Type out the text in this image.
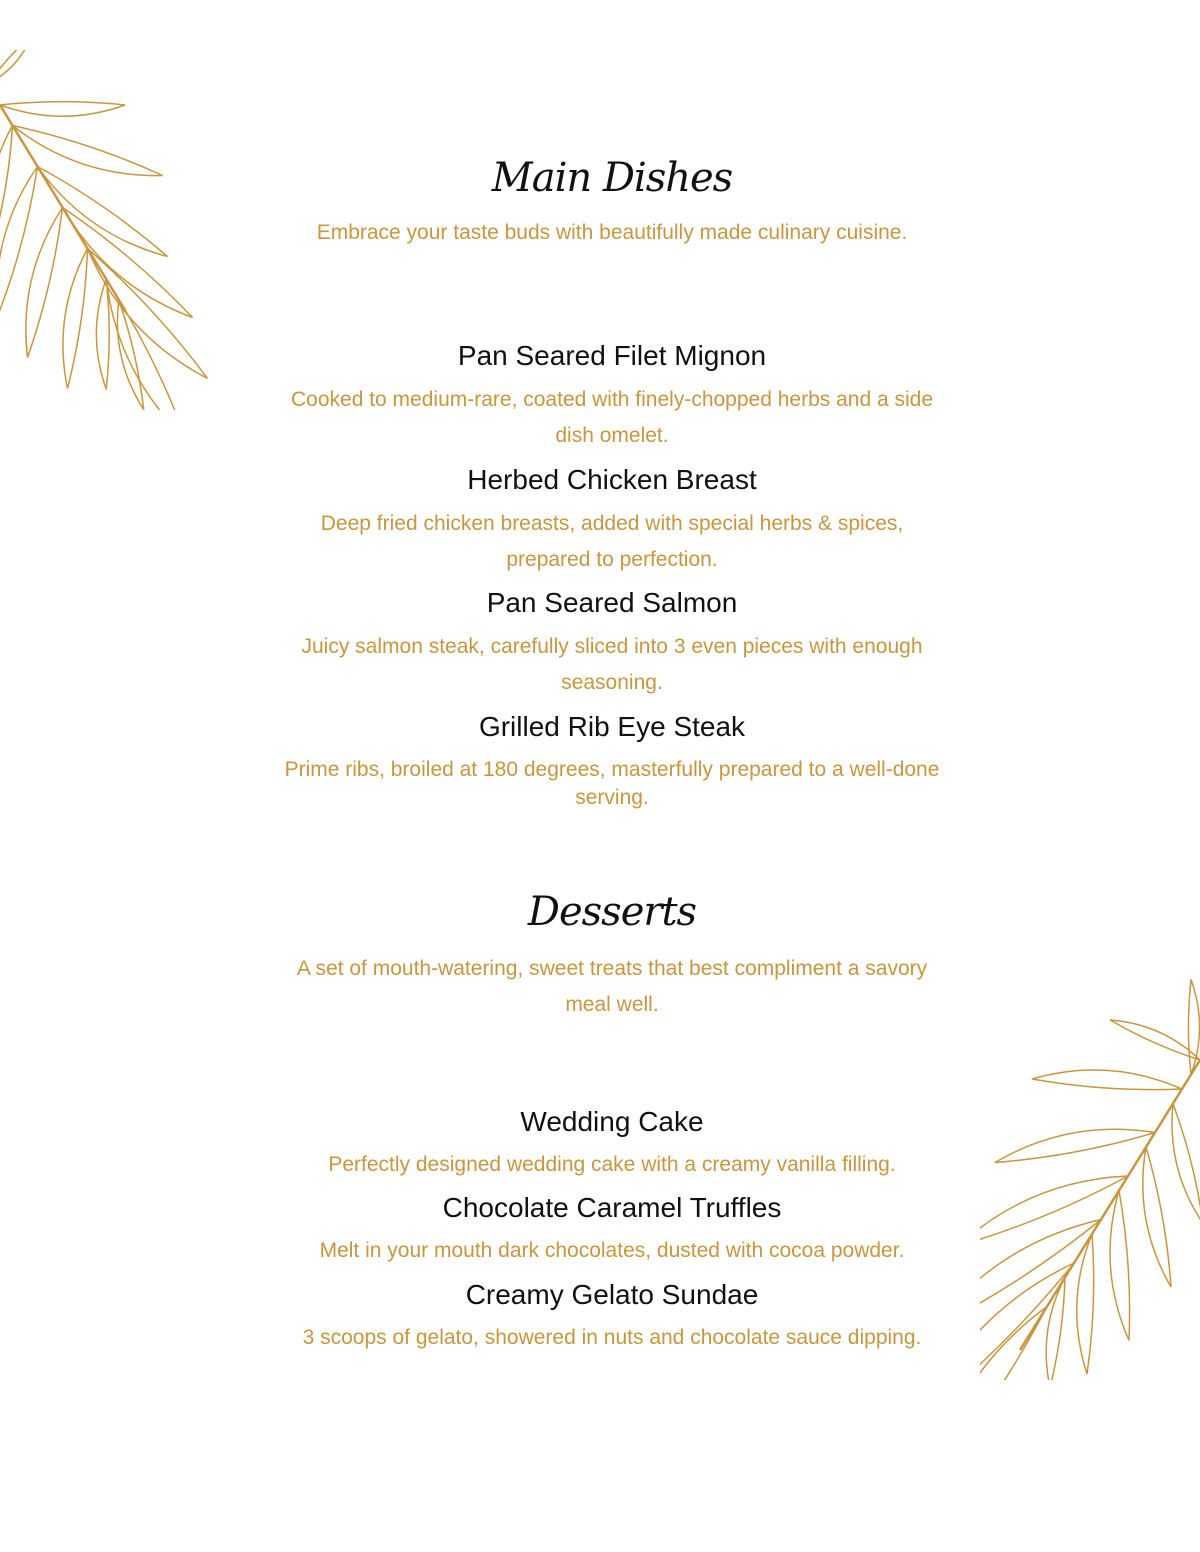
Main Dishes
Embrace your taste buds with beautifully made culinary cuisine.
Pan Seared Filet Mignon
Cooked to medium-rare, coated with finely-chopped herbs and a side dish omelet.
Herbed Chicken Breast
Deep fried chicken breasts, added with special herbs & spices, prepared to perfection.
Pan Seared Salmon
Juicy salmon steak, carefully sliced into 3 even pieces with enough seasoning.
Grilled Rib Eye Steak
Prime ribs, broiled at 180 degrees, masterfully prepared to a well-done serving.
Desserts
A set of mouth-watering, sweet treats that best compliment a savory meal well.
Wedding Cake
Perfectly designed wedding cake with a creamy vanilla filling.
Chocolate Caramel Truffles
Melt in your mouth dark chocolates, dusted with cocoa powder.
Creamy Gelato Sundae
3 scoops of gelato, showered in nuts and chocolate sauce dipping.
